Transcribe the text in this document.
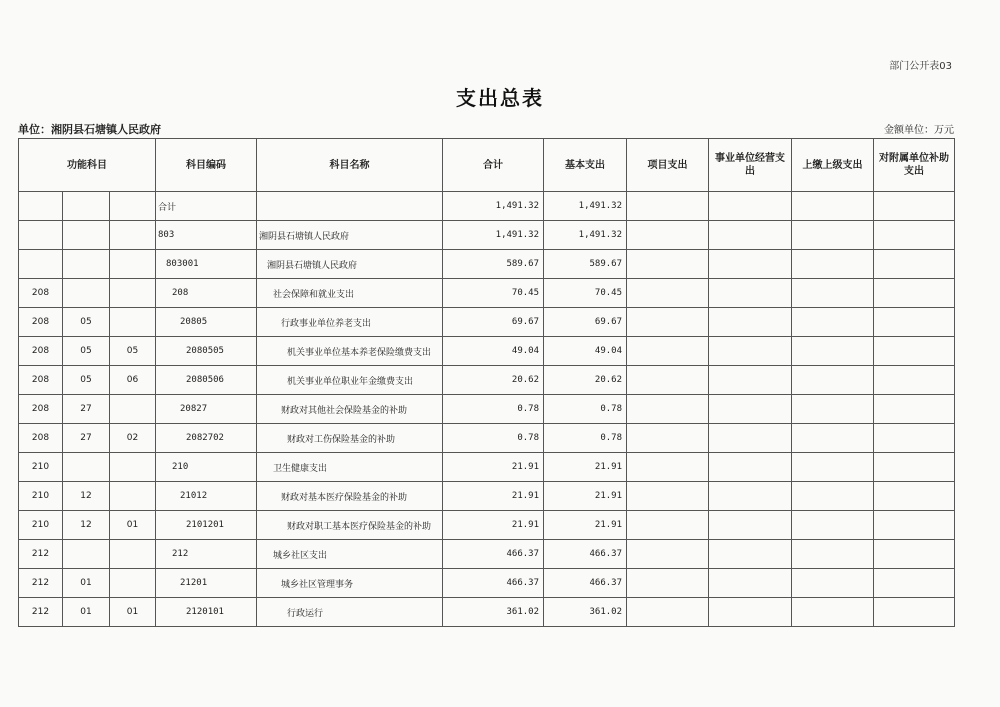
部门公开表03
支出总表
单位：湘阴县石塘镇人民政府	金额单位：万元
功能科目			科目编码	科目名称	合计	基本支出	项目支出	事业单位经营支出	上缴上级支出	对附属单位补助支出
			合计		1,491.32	1,491.32				
			803	湘阴县石塘镇人民政府	1,491.32	1,491.32				
			803001	湘阴县石塘镇人民政府	589.67	589.67				
208			208	社会保障和就业支出	70.45	70.45				
208	05		20805	行政事业单位养老支出	69.67	69.67				
208	05	05	2080505	机关事业单位基本养老保险缴费支出	49.04	49.04				
208	05	06	2080506	机关事业单位职业年金缴费支出	20.62	20.62				
208	27		20827	财政对其他社会保险基金的补助	0.78	0.78				
208	27	02	2082702	财政对工伤保险基金的补助	0.78	0.78				
210			210	卫生健康支出	21.91	21.91				
210	12		21012	财政对基本医疗保险基金的补助	21.91	21.91				
210	12	01	2101201	财政对职工基本医疗保险基金的补助	21.91	21.91				
212			212	城乡社区支出	466.37	466.37				
212	01		21201	城乡社区管理事务	466.37	466.37				
212	01	01	2120101	行政运行	361.02	361.02				
